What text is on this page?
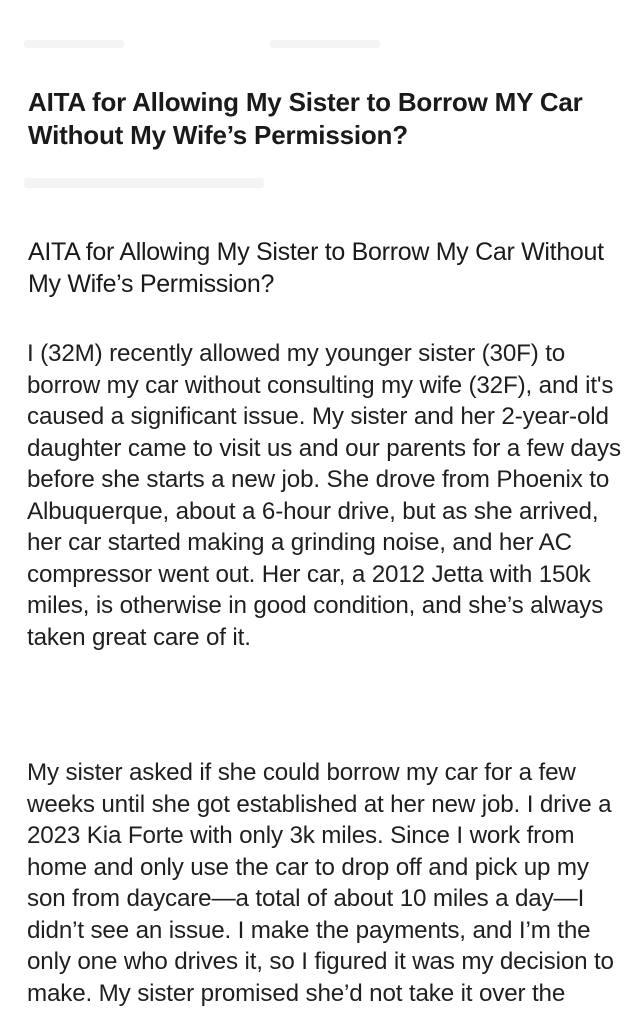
AITA for Allowing My Sister to Borrow MY Car Without My Wife’s Permission?
AITA for Allowing My Sister to Borrow My Car Without My Wife’s Permission?

I (32M) recently allowed my younger sister (30F) to borrow my car without consulting my wife (32F), and it's caused a significant issue. My sister and her 2-year-old daughter came to visit us and our parents for a few days before she starts a new job. She drove from Phoenix to Albuquerque, about a 6-hour drive, but as she arrived, her car started making a grinding noise, and her AC compressor went out. Her car, a 2012 Jetta with 150k miles, is otherwise in good condition, and she’s always taken great care of it.

My sister asked if she could borrow my car for a few weeks until she got established at her new job. I drive a 2023 Kia Forte with only 3k miles. Since I work from home and only use the car to drop off and pick up my son from daycare—a total of about 10 miles a day—I didn’t see an issue. I make the payments, and I’m the only one who drives it, so I figured it was my decision to make. My sister promised she’d not take it over the
